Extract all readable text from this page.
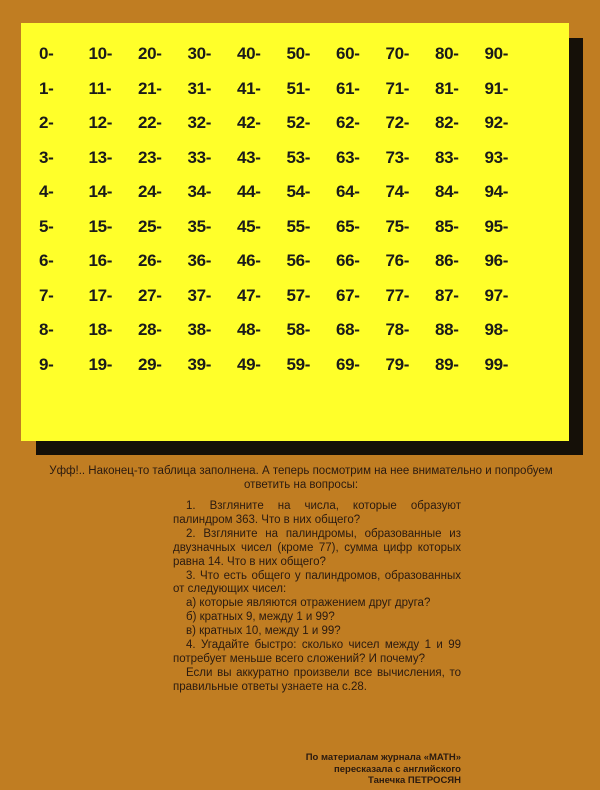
0-	10-	20-	30-	40-	50-	60-	70-	80-	90-
1-	11-	21-	31-	41-	51-	61-	71-	81-	91-
2-	12-	22-	32-	42-	52-	62-	72-	82-	92-
3-	13-	23-	33-	43-	53-	63-	73-	83-	93-
4-	14-	24-	34-	44-	54-	64-	74-	84-	94-
5-	15-	25-	35-	45-	55-	65-	75-	85-	95-
6-	16-	26-	36-	46-	56-	66-	76-	86-	96-
7-	17-	27-	37-	47-	57-	67-	77-	87-	97-
8-	18-	28-	38-	48-	58-	68-	78-	88-	98-
9-	19-	29-	39-	49-	59-	69-	79-	89-	99-
Уфф!.. Наконец-то таблица заполнена. А теперь посмотрим на нее внимательно и попробуем ответить на вопросы:

1. Взгляните на числа, которые образуют палиндром 363. Что в них общего?

2. Взгляните на палиндромы, образованные из двузначных чисел (кроме 77), сумма цифр которых равна 14. Что в них общего?

3. Что есть общего у палиндромов, образованных от следующих чисел:

а) которые являются отражением друг друга?

б) кратных 9, между 1 и 99?

в) кратных 10, между 1 и 99?

4. Угадайте быстро: сколько чисел между 1 и 99 потребует меньше всего сложений? И почему?

Если вы аккуратно произвели все вычисления, то правильные ответы узнаете на с.28.

По материалам журнала «MATH»
пересказала с английского
Танечка ПЕТРОСЯН
